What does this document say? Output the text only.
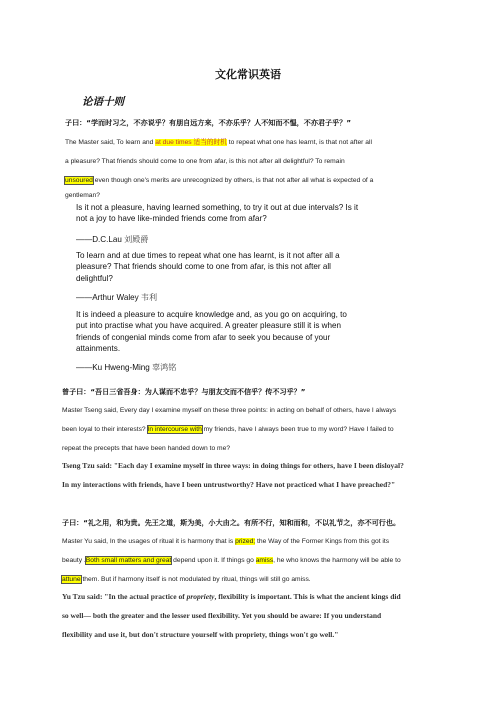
文化常识英语
论语十则
子曰：“学而时习之，不亦说乎？有朋自远方来，不亦乐乎？人不知而不愠，不亦君子乎？”
The Master said, To learn and at due times 适当的时机 to repeat what one has learnt, is that not after all
a pleasure? That friends should come to one from afar, is this not after all delightful? To remain
unsoured even though one's merits are unrecognized by others, is that not after all what is expected of a
gentleman?
Is it not a pleasure, having learned something, to try it out at due intervals? Is it
not a joy to have like-minded friends come from afar?
——D.C.Lau 刘殿爵
To learn and at due times to repeat what one has learnt, is it not after all a
pleasure? That friends should come to one from afar, is this not after all
delightful?
——Arthur Waley 韦利
It is indeed a pleasure to acquire knowledge and, as you go on acquiring, to
put into practise what you have acquired. A greater pleasure still it is when
friends of congenial minds come from afar to seek you because of your
attainments.
——Ku Hweng-Ming 辜鸿铭
曾子曰：“吾日三省吾身：为人谋而不忠乎？与朋友交而不信乎？传不习乎？”
Master Tseng said, Every day I examine myself on these three points: in acting on behalf of others, have I always
been loyal to their interests? In intercourse with my friends, have I always been true to my word? Have I failed to
repeat the precepts that have been handed down to me?
Tseng Tzu said: "Each day I examine myself in three ways: in doing things for others, have I been disloyal?
In my interactions with friends, have I been untrustworthy? Have not practiced what I have preached?"
子曰：“礼之用，和为贵。先王之道，斯为美，小大由之。有所不行，知和而和，不以礼节之，亦不可行也。
Master Yu said, In the usages of ritual it is harmony that is prized; the Way of the Former Kings from this got its
beauty .Both small matters and great depend upon it. If things go amiss, he who knows the harmony will be able to
attune them. But if harmony itself is not modulated by ritual, things will still go amiss.
Yu Tzu said: "In the actual practice of propriety, flexibility is important. This is what the ancient kings did
so well— both the greater and the lesser used flexibility. Yet you should be aware: If you understand
flexibility and use it, but don't structure yourself with propriety, things won't go well."
